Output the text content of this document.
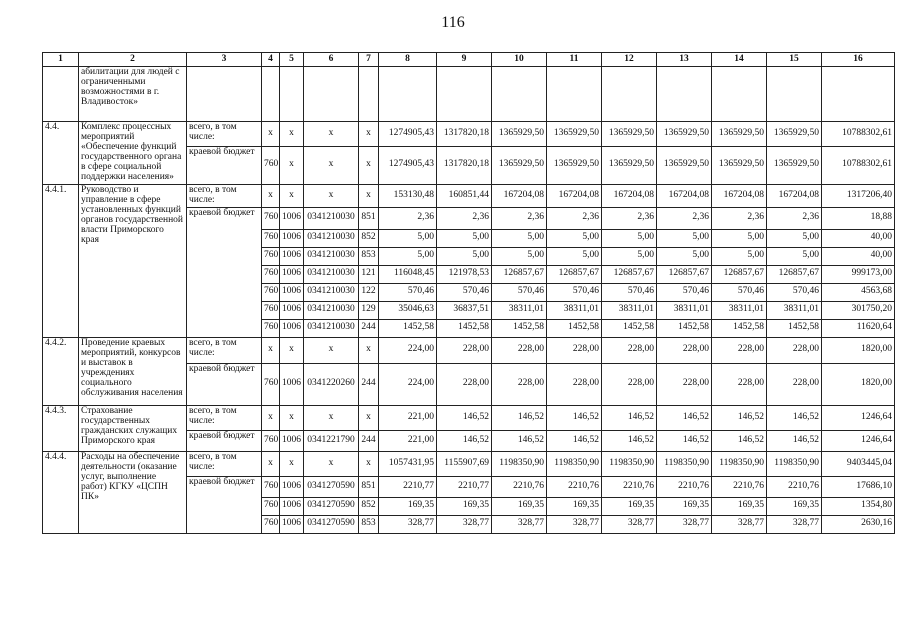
116
1	2	3	4	5	6	7	8	9	10	11	12	13	14	15	16
	абилитации для людей с ограниченными возможностями в г. Владивосток»														
4.4.	Комплекс процессных мероприятий «Обеспечение функций государственного органа в сфере социальной поддержки населения»	всего, в том числе:	x	x	x	x	1274905,43	1317820,18	1365929,50	1365929,50	1365929,50	1365929,50	1365929,50	1365929,50	10788302,61
		краевой бюджет	760	x	x	x	1274905,43	1317820,18	1365929,50	1365929,50	1365929,50	1365929,50	1365929,50	1365929,50	10788302,61
4.4.1.	Руководство и управление в сфере установленных функций органов государственной власти Приморского края	всего, в том числе:	x	x	x	x	153130,48	160851,44	167204,08	167204,08	167204,08	167204,08	167204,08	167204,08	1317206,40
		краевой бюджет	760	1006	0341210030	851	2,36	2,36	2,36	2,36	2,36	2,36	2,36	2,36	18,88
			760	1006	0341210030	852	5,00	5,00	5,00	5,00	5,00	5,00	5,00	5,00	40,00
			760	1006	0341210030	853	5,00	5,00	5,00	5,00	5,00	5,00	5,00	5,00	40,00
			760	1006	0341210030	121	116048,45	121978,53	126857,67	126857,67	126857,67	126857,67	126857,67	126857,67	999173,00
			760	1006	0341210030	122	570,46	570,46	570,46	570,46	570,46	570,46	570,46	570,46	4563,68
			760	1006	0341210030	129	35046,63	36837,51	38311,01	38311,01	38311,01	38311,01	38311,01	38311,01	301750,20
			760	1006	0341210030	244	1452,58	1452,58	1452,58	1452,58	1452,58	1452,58	1452,58	1452,58	11620,64
4.4.2.	Проведение краевых мероприятий, конкурсов и выставок в учреждениях социального обслуживания населения	всего, в том числе:	x	x	x	x	224,00	228,00	228,00	228,00	228,00	228,00	228,00	228,00	1820,00
		краевой бюджет	760	1006	0341220260	244	224,00	228,00	228,00	228,00	228,00	228,00	228,00	228,00	1820,00
4.4.3.	Страхование государственных гражданских служащих Приморского края	всего, в том числе:	x	x	x	x	221,00	146,52	146,52	146,52	146,52	146,52	146,52	146,52	1246,64
		краевой бюджет	760	1006	0341221790	244	221,00	146,52	146,52	146,52	146,52	146,52	146,52	146,52	1246,64
4.4.4.	Расходы на обеспечение деятельности (оказание услуг, выполнение работ) КГКУ «ЦСПН ПК»	всего, в том числе:	x	x	x	x	1057431,95	1155907,69	1198350,90	1198350,90	1198350,90	1198350,90	1198350,90	1198350,90	9403445,04
		краевой бюджет	760	1006	0341270590	851	2210,77	2210,77	2210,76	2210,76	2210,76	2210,76	2210,76	2210,76	17686,10
			760	1006	0341270590	852	169,35	169,35	169,35	169,35	169,35	169,35	169,35	169,35	1354,80
			760	1006	0341270590	853	328,77	328,77	328,77	328,77	328,77	328,77	328,77	328,77	2630,16
